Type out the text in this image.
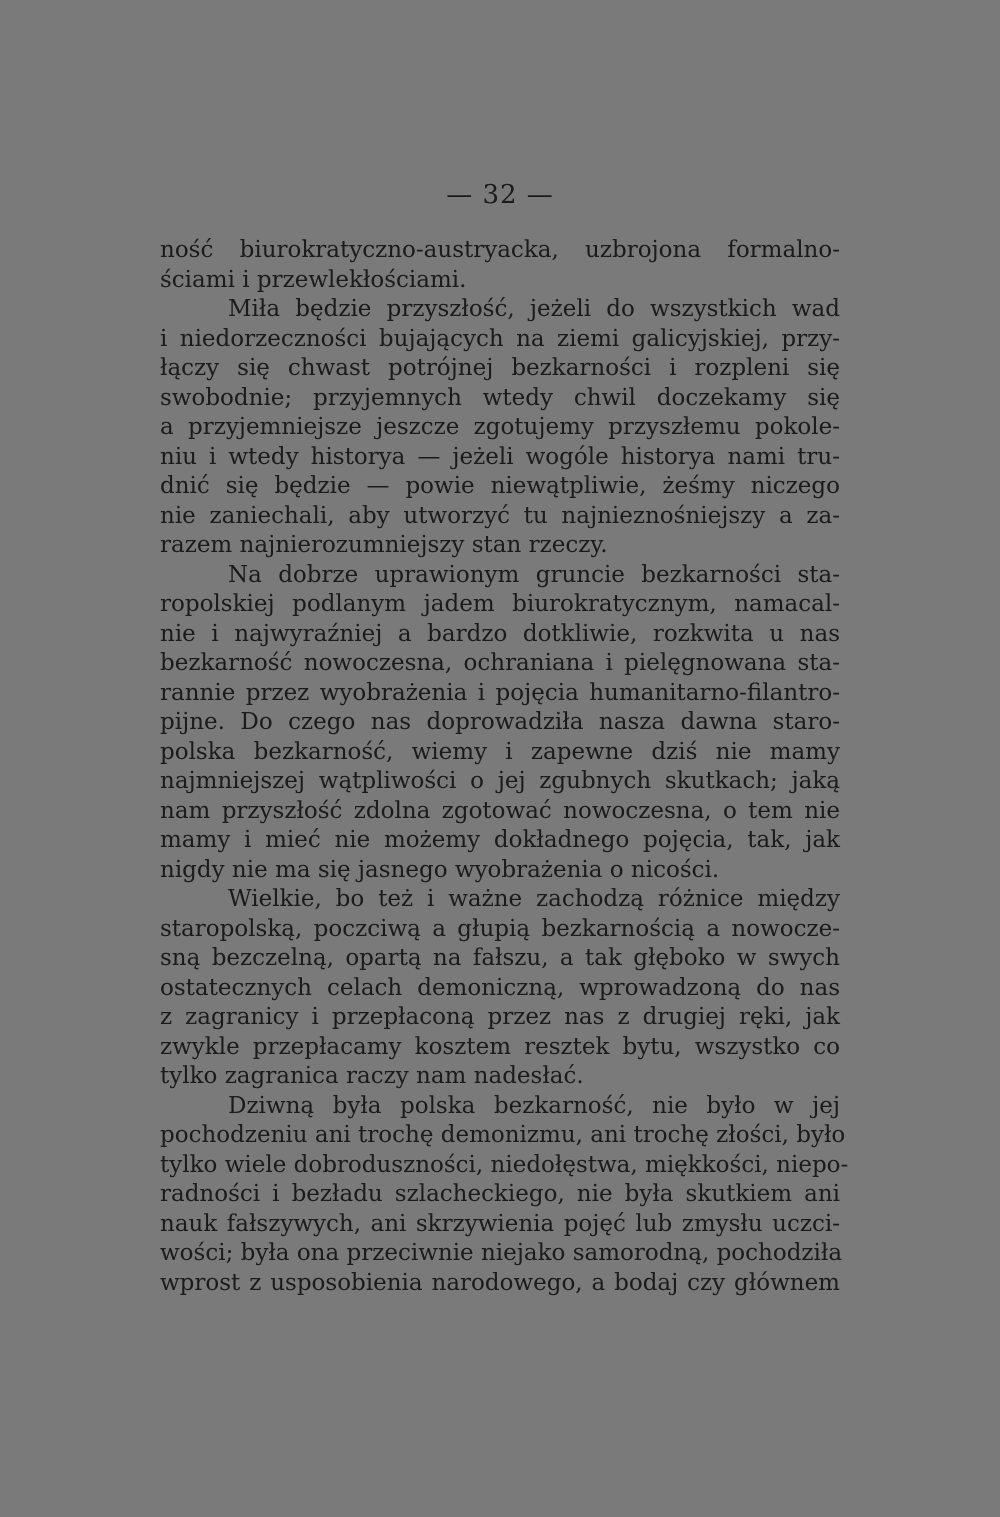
— 32 —
ność biurokratyczno-austryacka, uzbrojona formalno-
ściami i przewlekłościami.
Miła będzie przyszłość, jeżeli do wszystkich wad
i niedorzeczności bujających na ziemi galicyjskiej, przy-
łączy się chwast potrójnej bezkarności i rozpleni się
swobodnie; przyjemnych wtedy chwil doczekamy się
a przyjemniejsze jeszcze zgotujemy przyszłemu pokole-
niu i wtedy historya — jeżeli wogóle historya nami tru-
dnić się będzie — powie niewątpliwie, żeśmy niczego
nie zaniechali, aby utworzyć tu najnieznośniejszy a za-
razem najnierozumniejszy stan rzeczy.
Na dobrze uprawionym gruncie bezkarności sta-
ropolskiej podlanym jadem biurokratycznym, namacal-
nie i najwyraźniej a bardzo dotkliwie, rozkwita u nas
bezkarność nowoczesna, ochraniana i pielęgnowana sta-
rannie przez wyobrażenia i pojęcia humanitarno-filantro-
pijne. Do czego nas doprowadziła nasza dawna staro-
polska bezkarność, wiemy i zapewne dziś nie mamy
najmniejszej wątpliwości o jej zgubnych skutkach; jaką
nam przyszłość zdolna zgotować nowoczesna, o tem nie
mamy i mieć nie możemy dokładnego pojęcia, tak, jak
nigdy nie ma się jasnego wyobrażenia o nicości.
Wielkie, bo też i ważne zachodzą różnice między
staropolską, poczciwą a głupią bezkarnością a nowocze-
sną bezczelną, opartą na fałszu, a tak głęboko w swych
ostatecznych celach demoniczną, wprowadzoną do nas
z zagranicy i przepłaconą przez nas z drugiej ręki, jak
zwykle przepłacamy kosztem resztek bytu, wszystko co
tylko zagranica raczy nam nadesłać.
Dziwną była polska bezkarność, nie było w jej
pochodzeniu ani trochę demonizmu, ani trochę złości, było
tylko wiele dobroduszności, niedołęstwa, miękkości, niepo-
radności i bezładu szlacheckiego, nie była skutkiem ani
nauk fałszywych, ani skrzywienia pojęć lub zmysłu uczci-
wości; była ona przeciwnie niejako samorodną, pochodziła
wprost z usposobienia narodowego, a bodaj czy głównem
